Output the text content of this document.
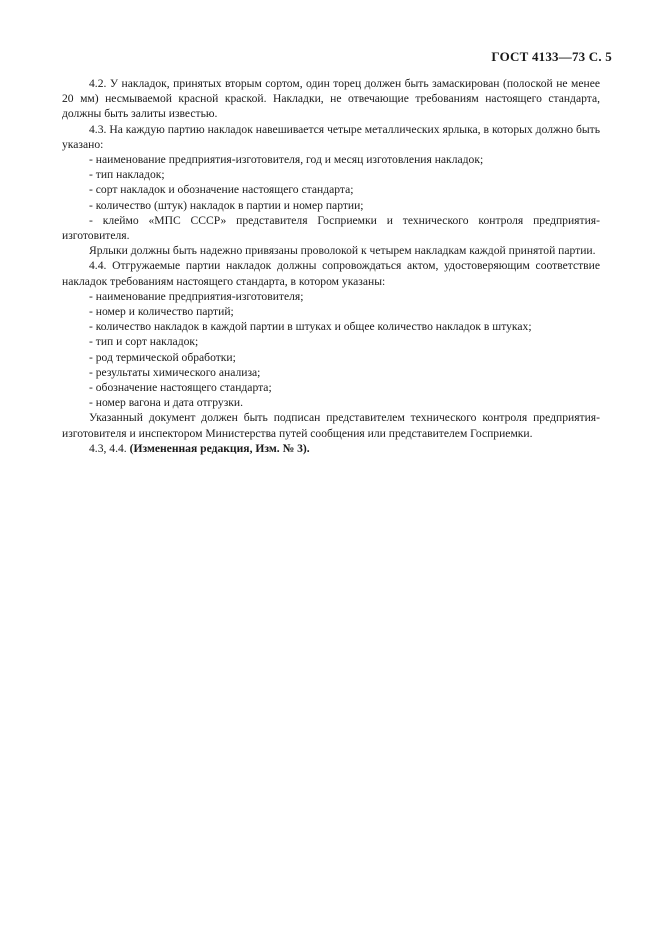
ГОСТ 4133—73 С. 5

4.2. У накладок, принятых вторым сортом, один торец должен быть замаскирован (полоской не менее 20 мм) несмываемой красной краской. Накладки, не отвечающие требованиям настоящего стандарта, должны быть залиты известью.

4.3. На каждую партию накладок навешивается четыре металлических ярлыка, в которых должно быть указано:

- наименование предприятия-изготовителя, год и месяц изготовления накладок;

- тип накладок;

- сорт накладок и обозначение настоящего стандарта;

- количество (штук) накладок в партии и номер партии;

- клеймо «МПС СССР» представителя Госприемки и технического контроля предприятия-изготовителя.

Ярлыки должны быть надежно привязаны проволокой к четырем накладкам каждой принятой партии.

4.4. Отгружаемые партии накладок должны сопровождаться актом, удостоверяющим соответствие накладок требованиям настоящего стандарта, в котором указаны:

- наименование предприятия-изготовителя;

- номер и количество партий;

- количество накладок в каждой партии в штуках и общее количество накладок в штуках;

- тип и сорт накладок;

- род термической обработки;

- результаты химического анализа;

- обозначение настоящего стандарта;

- номер вагона и дата отгрузки.

Указанный документ должен быть подписан представителем технического контроля предприятия-изготовителя и инспектором Министерства путей сообщения или представителем Госприемки.

4.3, 4.4. (Измененная редакция, Изм. № 3).
